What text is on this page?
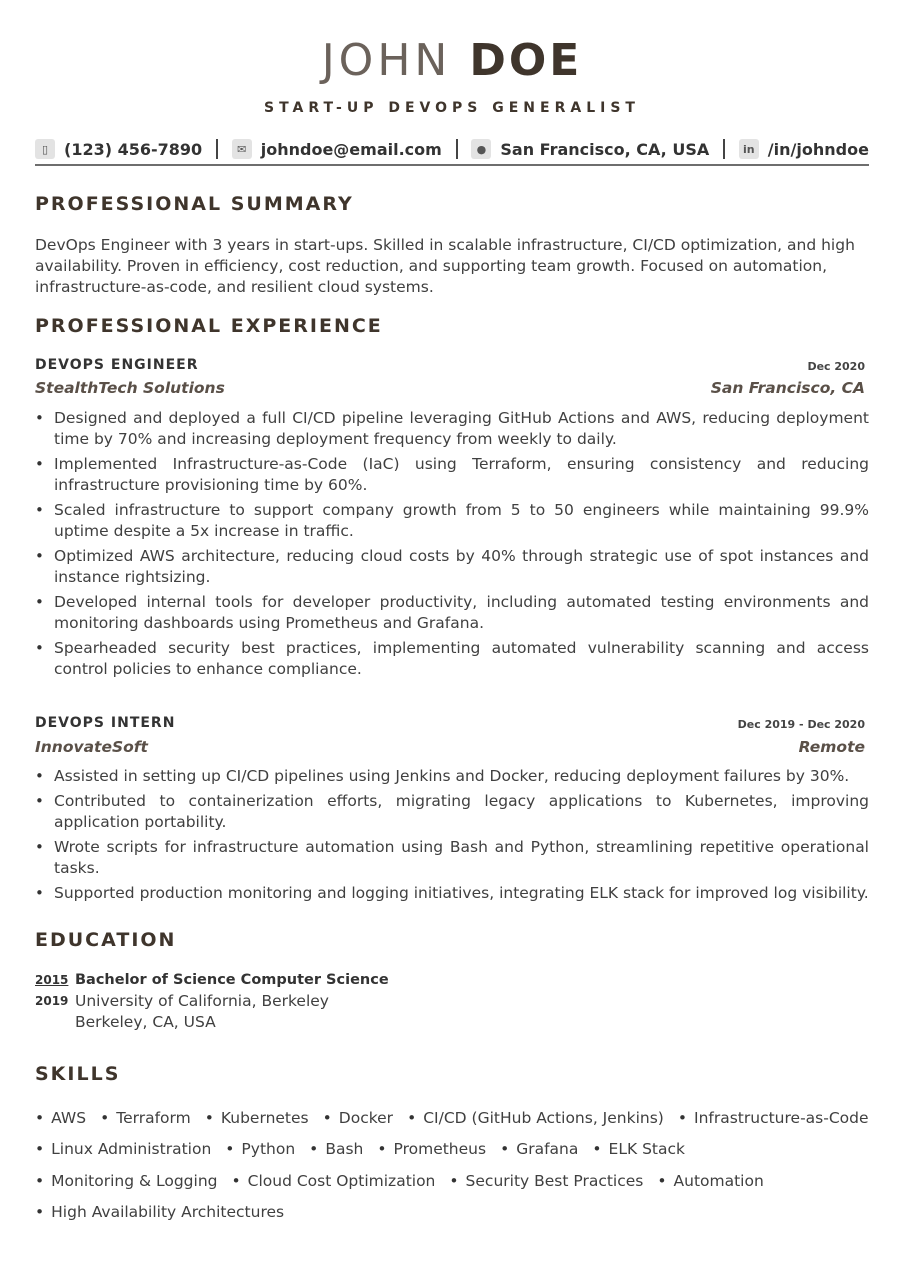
JOHN DOE
START-UP DEVOPS GENERALIST
▯ (123) 456-7890	✉ johndoe@email.com	● San Francisco, CA, USA	in /in/johndoe
PROFESSIONAL SUMMARY
DevOps Engineer with 3 years in start-ups. Skilled in scalable infrastructure, CI/CD optimization, and high availability. Proven in efficiency, cost reduction, and supporting team growth. Focused on automation, infrastructure-as-code, and resilient cloud systems.
PROFESSIONAL EXPERIENCE
DEVOPS ENGINEER	Dec 2020
StealthTech Solutions	San Francisco, CA
• Designed and deployed a full CI/CD pipeline leveraging GitHub Actions and AWS, reducing deployment time by 70% and increasing deployment frequency from weekly to daily.
• Implemented Infrastructure-as-Code (IaC) using Terraform, ensuring consistency and reducing infrastructure provisioning time by 60%.
• Scaled infrastructure to support company growth from 5 to 50 engineers while maintaining 99.9% uptime despite a 5x increase in traffic.
• Optimized AWS architecture, reducing cloud costs by 40% through strategic use of spot instances and instance rightsizing.
• Developed internal tools for developer productivity, including automated testing environments and monitoring dashboards using Prometheus and Grafana.
• Spearheaded security best practices, implementing automated vulnerability scanning and access control policies to enhance compliance.
DEVOPS INTERN	Dec 2019 - Dec 2020
InnovateSoft	Remote
• Assisted in setting up CI/CD pipelines using Jenkins and Docker, reducing deployment failures by 30%.
• Contributed to containerization efforts, migrating legacy applications to Kubernetes, improving application portability.
• Wrote scripts for infrastructure automation using Bash and Python, streamlining repetitive operational tasks.
• Supported production monitoring and logging initiatives, integrating ELK stack for improved log visibility.
EDUCATION
2015 Bachelor of Science Computer Science
2019 University of California, Berkeley
Berkeley, CA, USA
SKILLS
• AWS	• Terraform	• Kubernetes	• Docker	• CI/CD (GitHub Actions, Jenkins)	• Infrastructure-as-Code
• Linux Administration	• Python	• Bash	• Prometheus	• Grafana	• ELK Stack
• Monitoring & Logging	• Cloud Cost Optimization	• Security Best Practices	• Automation
• High Availability Architectures
